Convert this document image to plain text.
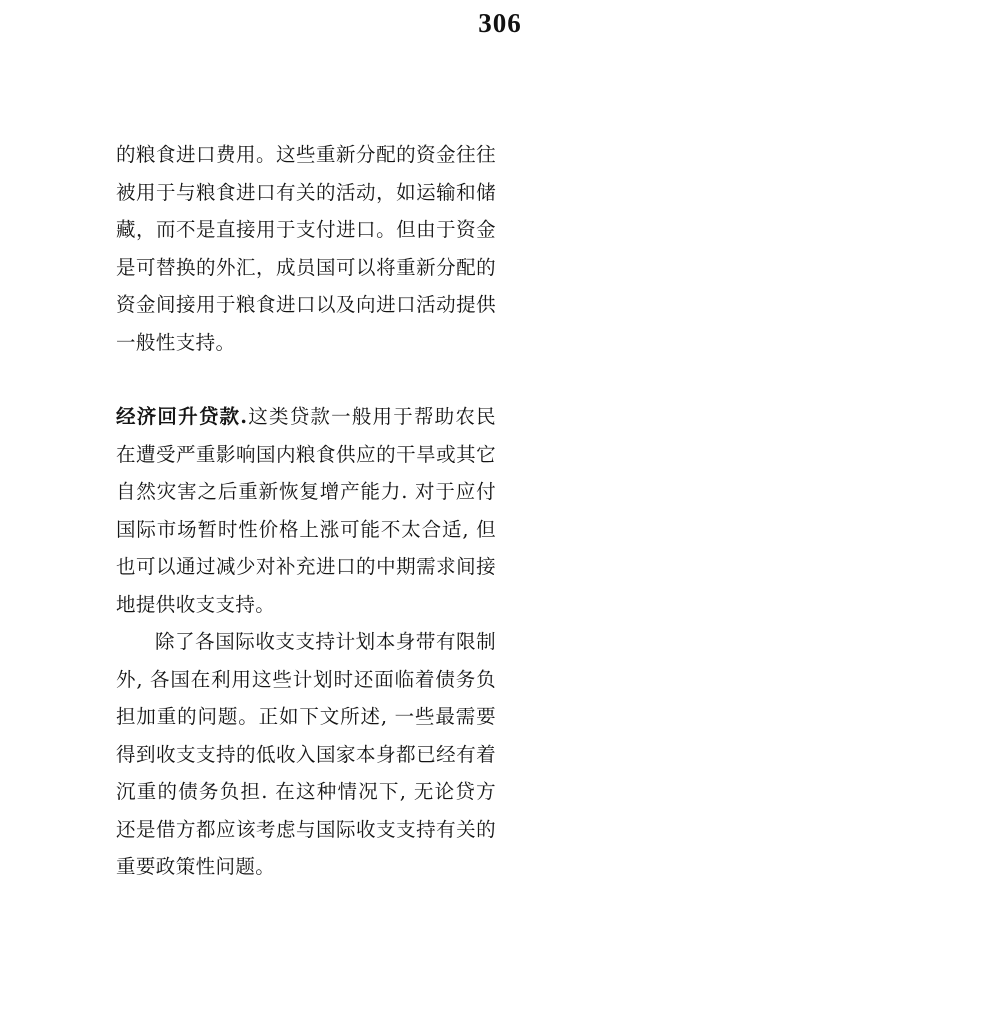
306

的粮食进口费用。这些重新分配的资金往往被用于与粮食进口有关的活动，如运输和储藏，而不是直接用于支付进口。但由于资金是可替换的外汇，成员国可以将重新分配的资金间接用于粮食进口以及向进口活动提供一般性支持。

经济回升贷款.这类贷款一般用于帮助农民在遭受严重影响国内粮食供应的干旱或其它自然灾害之后重新恢复增产能力. 对于应付国际市场暂时性价格上涨可能不太合适, 但也可以通过减少对补充进口的中期需求间接地提供收支支持。

除了各国际收支支持计划本身带有限制外, 各国在利用这些计划时还面临着债务负担加重的问题。正如下文所述, 一些最需要得到收支支持的低收入国家本身都已经有着沉重的债务负担. 在这种情况下, 无论贷方还是借方都应该考虑与国际收支支持有关的重要政策性问题。
